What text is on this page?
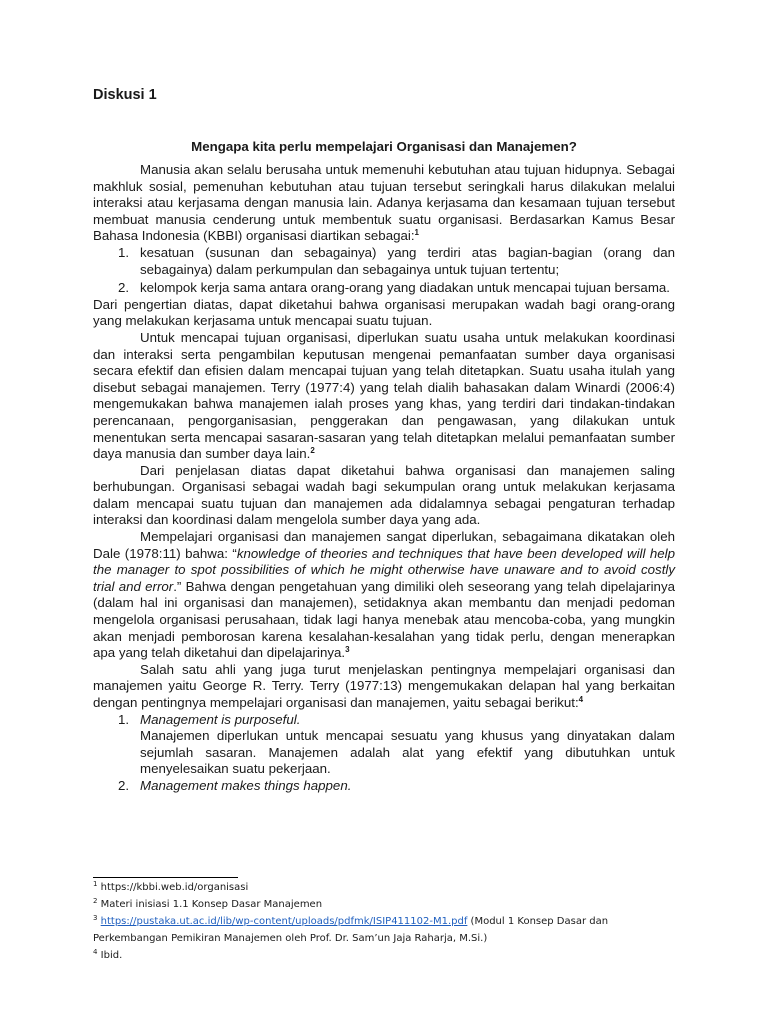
Diskusi 1
Mengapa kita perlu mempelajari Organisasi dan Manajemen?

Manusia akan selalu berusaha untuk memenuhi kebutuhan atau tujuan hidupnya. Sebagai makhluk sosial, pemenuhan kebutuhan atau tujuan tersebut seringkali harus dilakukan melalui interaksi atau kerjasama dengan manusia lain. Adanya kerjasama dan kesamaan tujuan tersebut membuat manusia cenderung untuk membentuk suatu organisasi. Berdasarkan Kamus Besar Bahasa Indonesia (KBBI) organisasi diartikan sebagai:$^1$

1. kesatuan (susunan dan sebagainya) yang terdiri atas bagian-bagian (orang dan sebagainya) dalam perkumpulan dan sebagainya untuk tujuan tertentu;
2. kelompok kerja sama antara orang-orang yang diadakan untuk mencapai tujuan bersama.

Dari pengertian diatas, dapat diketahui bahwa organisasi merupakan wadah bagi orang-orang yang melakukan kerjasama untuk mencapai suatu tujuan.

Untuk mencapai tujuan organisasi, diperlukan suatu usaha untuk melakukan koordinasi dan interaksi serta pengambilan keputusan mengenai pemanfaatan sumber daya organisasi secara efektif dan efisien dalam mencapai tujuan yang telah ditetapkan. Suatu usaha itulah yang disebut sebagai manajemen. Terry (1977:4) yang telah dialih bahasakan dalam Winardi (2006:4) mengemukakan bahwa manajemen ialah proses yang khas, yang terdiri dari tindakan-tindakan perencanaan, pengorganisasian, penggerakan dan pengawasan, yang dilakukan untuk menentukan serta mencapai sasaran-sasaran yang telah ditetapkan melalui pemanfaatan sumber daya manusia dan sumber daya lain.$^2$

Dari penjelasan diatas dapat diketahui bahwa organisasi dan manajemen saling berhubungan. Organisasi sebagai wadah bagi sekumpulan orang untuk melakukan kerjasama dalam mencapai suatu tujuan dan manajemen ada didalamnya sebagai pengaturan terhadap interaksi dan koordinasi dalam mengelola sumber daya yang ada.

Mempelajari organisasi dan manajemen sangat diperlukan, sebagaimana dikatakan oleh Dale (1978:11) bahwa: “knowledge of theories and techniques that have been developed will help the manager to spot possibilities of which he might otherwise have unaware and to avoid costly trial and error.” Bahwa dengan pengetahuan yang dimiliki oleh seseorang yang telah dipelajarinya (dalam hal ini organisasi dan manajemen), setidaknya akan membantu dan menjadi pedoman mengelola organisasi perusahaan, tidak lagi hanya menebak atau mencoba-coba, yang mungkin akan menjadi pemborosan karena kesalahan-kesalahan yang tidak perlu, dengan menerapkan apa yang telah diketahui dan dipelajarinya.$^3$

Salah satu ahli yang juga turut menjelaskan pentingnya mempelajari organisasi dan manajemen yaitu George R. Terry. Terry (1977:13) mengemukakan delapan hal yang berkaitan dengan pentingnya mempelajari organisasi dan manajemen, yaitu sebagai berikut:$^4$

1. Management is purposeful.
Manajemen diperlukan untuk mencapai sesuatu yang khusus yang dinyatakan dalam sejumlah sasaran. Manajemen adalah alat yang efektif yang dibutuhkan untuk menyelesaikan suatu pekerjaan.
2. Management makes things happen.
$^1$ https://kbbi.web.id/organisasi
$^2$ Materi inisiasi 1.1 Konsep Dasar Manajemen
$^3$ https://pustaka.ut.ac.id/lib/wp-content/uploads/pdfmk/ISIP411102-M1.pdf (Modul 1 Konsep Dasar dan
Perkembangan Pemikiran Manajemen oleh Prof. Dr. Sam’un Jaja Raharja, M.Si.)
$^4$ Ibid.
